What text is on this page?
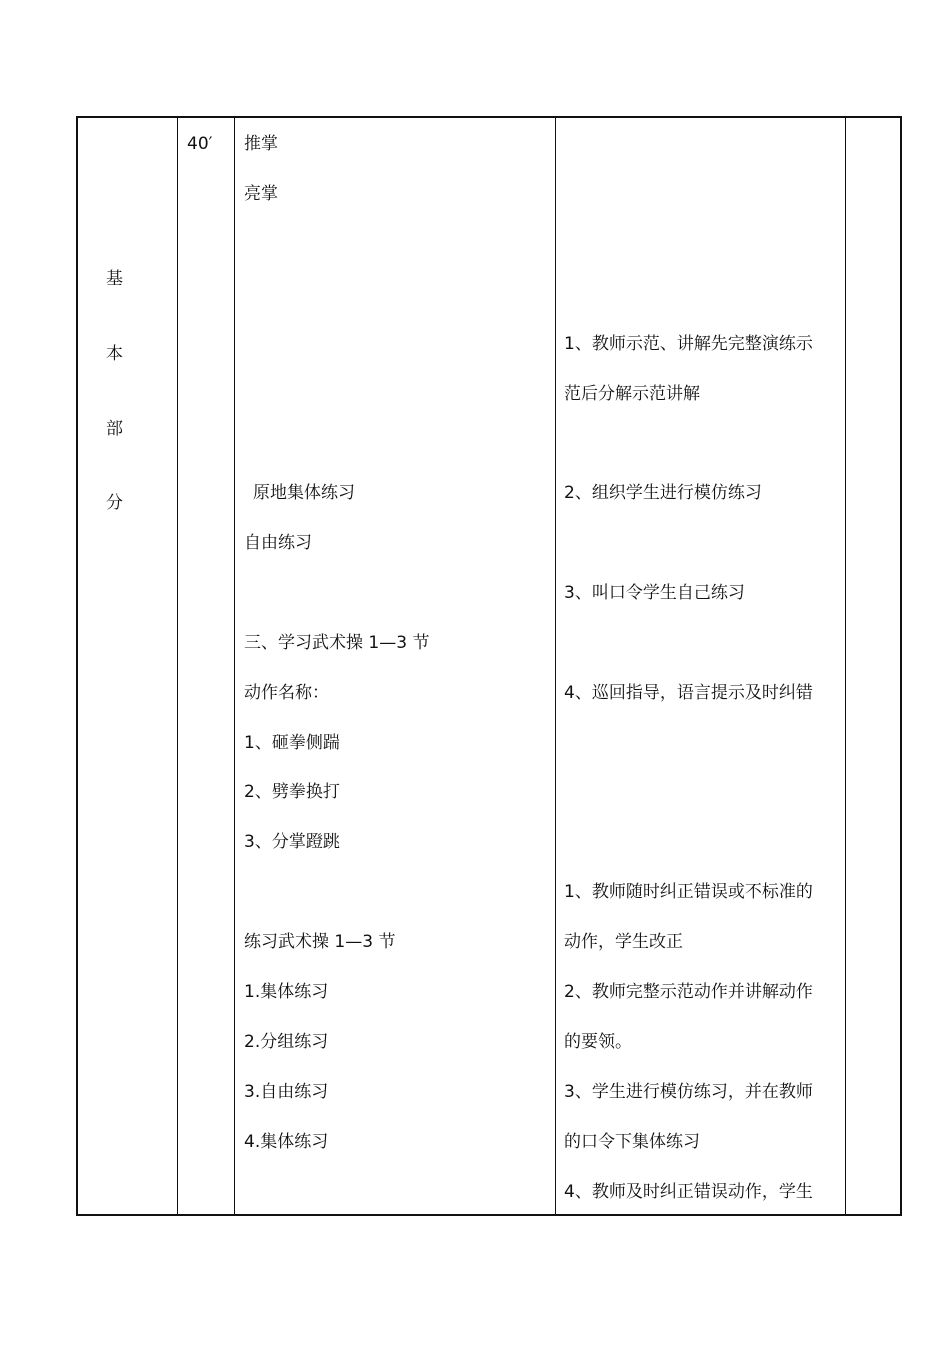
基
本
部
分
40′ 推掌
亮掌
原地集体练习
自由练习
三、学习武术操 1—3 节
动作名称：
1、砸拳侧踹
2、劈拳换打
3、分掌蹬跳
练习武术操 1—3 节
1.集体练习
2.分组练习
3.自由练习
4.集体练习
1、教师示范、讲解先完整演练示
范后分解示范讲解
2、组织学生进行模仿练习
3、叫口令学生自己练习
4、巡回指导，语言提示及时纠错
1、教师随时纠正错误或不标准的
动作，学生改正
2、教师完整示范动作并讲解动作
的要领。
3、学生进行模仿练习，并在教师
的口令下集体练习
4、教师及时纠正错误动作，学生
